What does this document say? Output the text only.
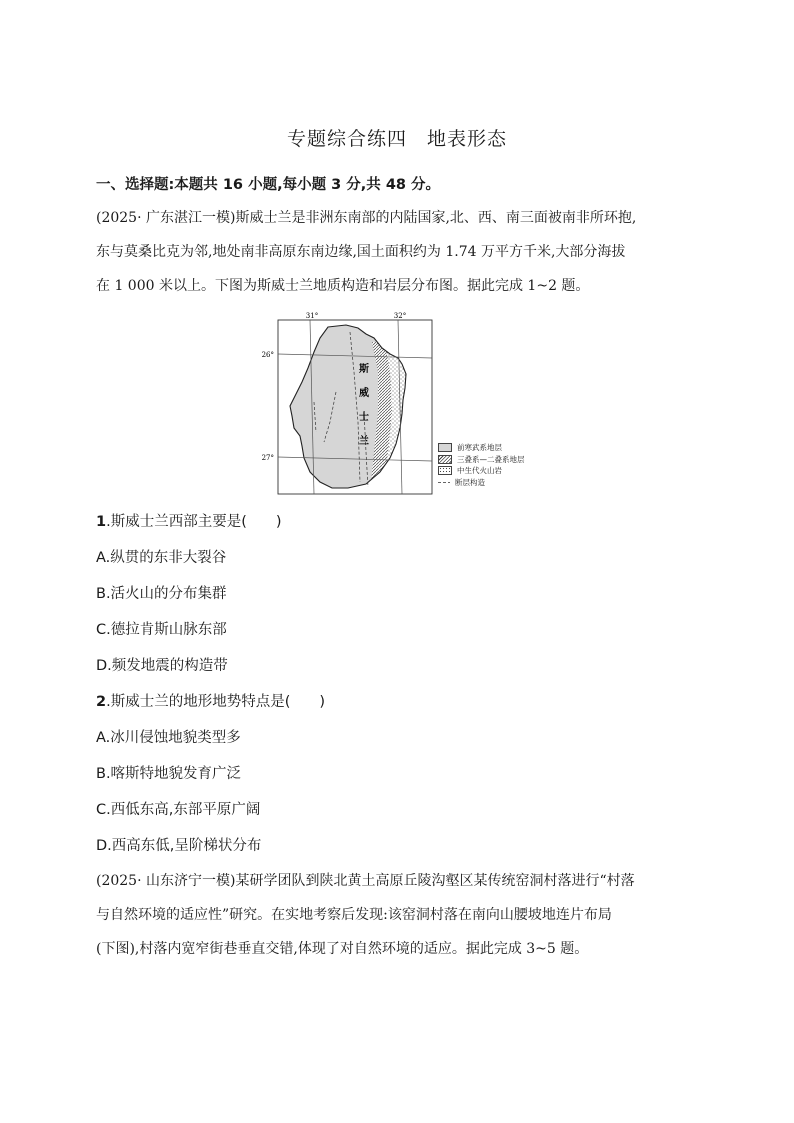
专题综合练四　地表形态
一、选择题:本题共 16 小题,每小题 3 分,共 48 分。

(2025· 广东湛江一模)斯威士兰是非洲东南部的内陆国家,北、西、南三面被南非所环抱,

东与莫桑比克为邻,地处南非高原东南边缘,国土面积约为 1.74 万平方千米,大部分海拔

在 1 000 米以上。下图为斯威士兰地质构造和岩层分布图。据此完成 1~2 题。

31°	32°
26°
27°
斯
威
士
兰
前寒武系地层
三叠系—二叠系地层
中生代火山岩
断层构造
1.斯威士兰西部主要是(　　)
A.纵贯的东非大裂谷
B.活火山的分布集群
C.德拉肯斯山脉东部
D.频发地震的构造带
2.斯威士兰的地形地势特点是(　　)
A.冰川侵蚀地貌类型多
B.喀斯特地貌发育广泛
C.西低东高,东部平原广阔
D.西高东低,呈阶梯状分布

(2025· 山东济宁一模)某研学团队到陕北黄土高原丘陵沟壑区某传统窑洞村落进行“村落

与自然环境的适应性”研究。在实地考察后发现:该窑洞村落在南向山腰坡地连片布局

(下图),村落内宽窄街巷垂直交错,体现了对自然环境的适应。据此完成 3~5 题。
